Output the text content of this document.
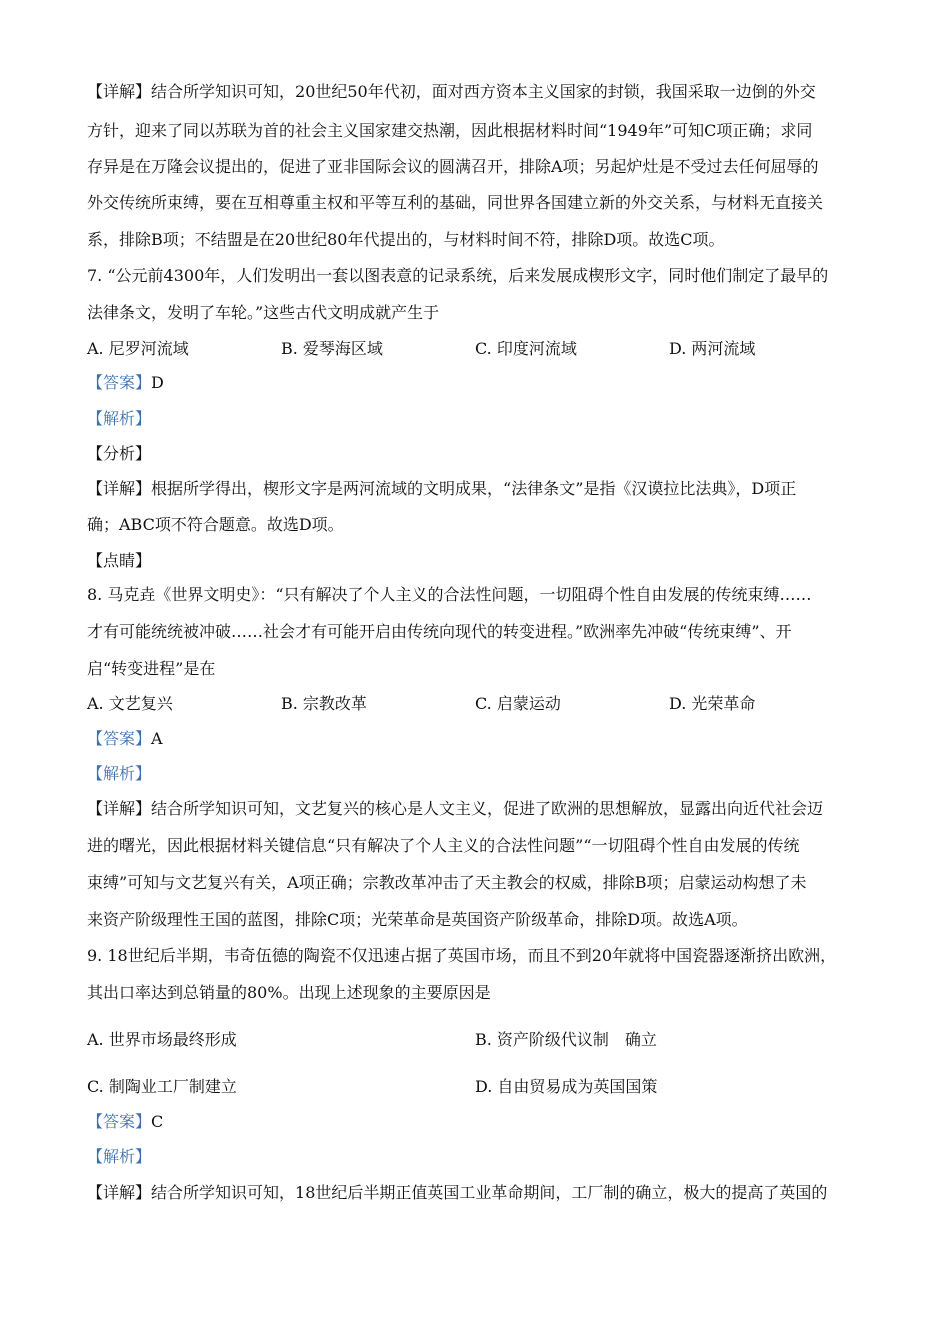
【详解】结合所学知识可知，20世纪50年代初，面对西方资本主义国家的封锁，我国采取一边倒的外交
方针，迎来了同以苏联为首的社会主义国家建交热潮，因此根据材料时间“1949年”可知C项正确；求同
存异是在万隆会议提出的，促进了亚非国际会议的圆满召开，排除A项；另起炉灶是不受过去任何屈辱的
外交传统所束缚，要在互相尊重主权和平等互利的基础，同世界各国建立新的外交关系，与材料无直接关
系，排除B项；不结盟是在20世纪80年代提出的，与材料时间不符，排除D项。故选C项。
7. “公元前4300年，人们发明出一套以图表意的记录系统，后来发展成楔形文字，同时他们制定了最早的
法律条文，发明了车轮。”这些古代文明成就产生于
A. 尼罗河流域	B. 爱琴海区域	C. 印度河流域	D. 两河流域
【答案】D
【解析】
【分析】
【详解】根据所学得出，楔形文字是两河流域的文明成果，“法律条文”是指《汉谟拉比法典》，D项正
确；ABC项不符合题意。故选D项。
【点睛】
8. 马克垚《世界文明史》：“只有解决了个人主义的合法性问题，一切阻碍个性自由发展的传统束缚……
才有可能统统被冲破……社会才有可能开启由传统向现代的转变进程。”欧洲率先冲破“传统束缚”、开
启“转变进程”是在
A. 文艺复兴	B. 宗教改革	C. 启蒙运动	D. 光荣革命
【答案】A
【解析】
【详解】结合所学知识可知，文艺复兴的核心是人文主义，促进了欧洲的思想解放，显露出向近代社会迈
进的曙光，因此根据材料关键信息“只有解决了个人主义的合法性问题”“一切阻碍个性自由发展的传统
束缚”可知与文艺复兴有关，A项正确；宗教改革冲击了天主教会的权威，排除B项；启蒙运动构想了未
来资产阶级理性王国的蓝图，排除C项；光荣革命是英国资产阶级革命，排除D项。故选A项。
9. 18世纪后半期，韦奇伍德的陶瓷不仅迅速占据了英国市场，而且不到20年就将中国瓷器逐渐挤出欧洲，
其出口率达到总销量的80%。出现上述现象的主要原因是
A. 世界市场最终形成	B. 资产阶级代议制　确立
C. 制陶业工厂制建立	D. 自由贸易成为英国国策
【答案】C
【解析】
【详解】结合所学知识可知，18世纪后半期正值英国工业革命期间，工厂制的确立，极大的提高了英国的
